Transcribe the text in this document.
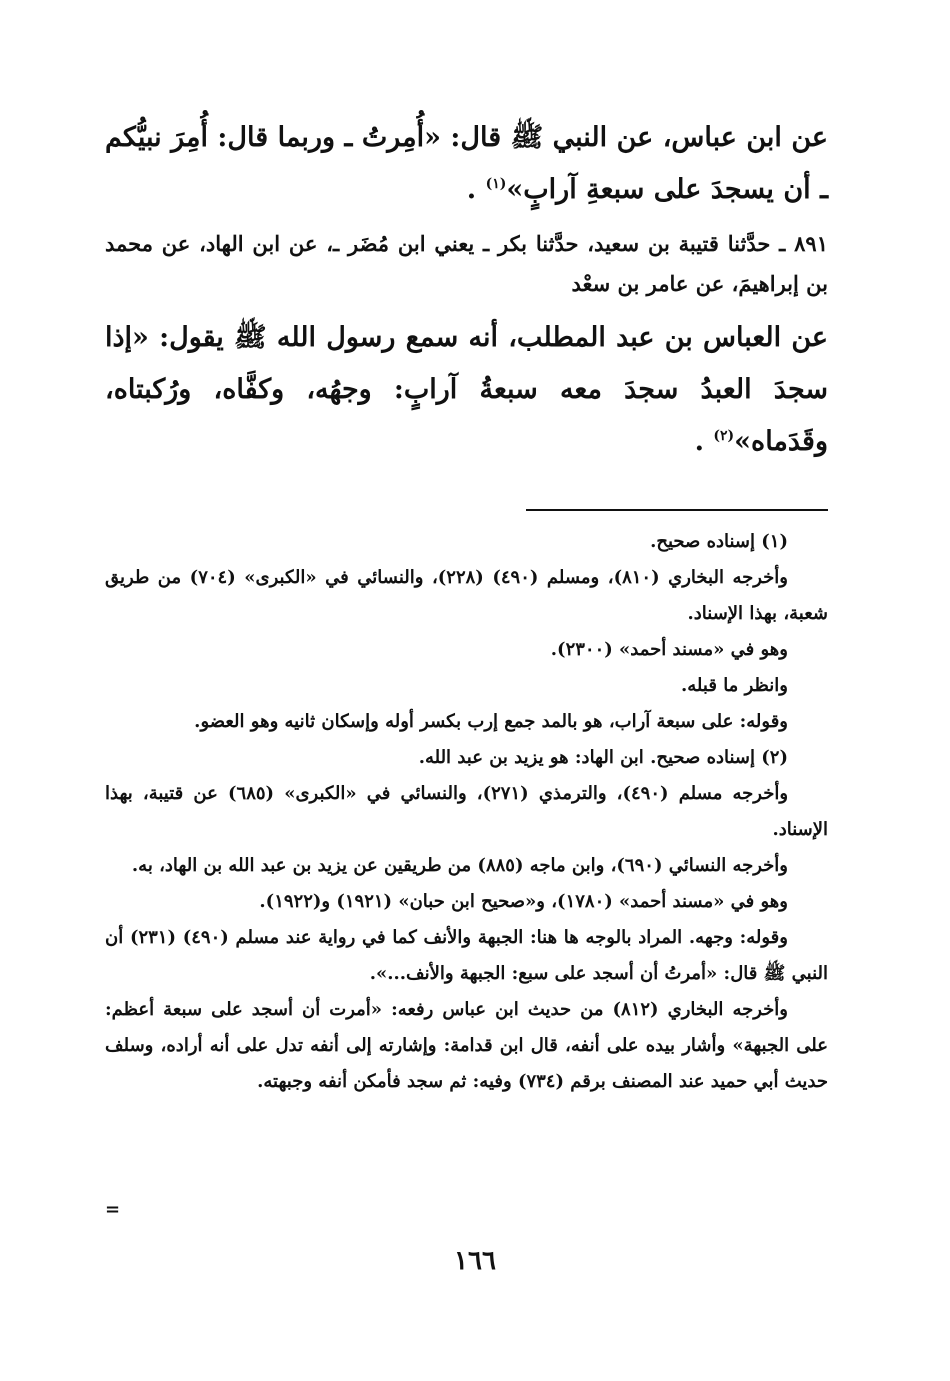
عن ابن عباس، عن النبي ﷺ قال: «أُمِرتُ ـ وربما قال: أُمِرَ نبيُّكم ـ أن يسجدَ على سبعةِ آرابٍ»$^{(١)}$ .

٨٩١ ـ حدَّثنا قتيبة بن سعيد، حدَّثنا بكر ـ يعني ابن مُضَر ـ، عن ابن الهاد، عن محمد بن إبراهيمَ، عن عامر بن سعْد

عن العباس بن عبد المطلب، أنه سمع رسول الله ﷺ يقول: «إذا سجدَ العبدُ سجدَ معه سبعةُ آرابٍ: وجهُه، وكفَّاه، ورُكبتاه، وقَدَماه»$^{(٢)}$ .

(١) إسناده صحيح.

وأخرجه البخاري (٨١٠)، ومسلم (٤٩٠) (٢٢٨)، والنسائي في «الكبرى» (٧٠٤) من طريق شعبة، بهذا الإسناد.

وهو في «مسند أحمد» (٢٣٠٠).

وانظر ما قبله.

وقوله: على سبعة آراب، هو بالمد جمع إرب بكسر أوله وإسكان ثانيه وهو العضو.

(٢) إسناده صحيح. ابن الهاد: هو يزيد بن عبد الله.

وأخرجه مسلم (٤٩٠)، والترمذي (٢٧١)، والنسائي في «الكبرى» (٦٨٥) عن قتيبة، بهذا الإسناد.

وأخرجه النسائي (٦٩٠)، وابن ماجه (٨٨٥) من طريقين عن يزيد بن عبد الله بن الهاد، به.

وهو في «مسند أحمد» (١٧٨٠)، و«صحيح ابن حبان» (١٩٢١) و(١٩٢٢).

وقوله: وجهه. المراد بالوجه ها هنا: الجبهة والأنف كما في رواية عند مسلم (٤٩٠) (٢٣١) أن النبي ﷺ قال: «أمرتُ أن أسجد على سبع: الجبهة والأنف...».

وأخرجه البخاري (٨١٢) من حديث ابن عباس رفعه: «أمرت أن أسجد على سبعة أعظم: على الجبهة» وأشار بيده على أنفه، قال ابن قدامة: وإشارته إلى أنفه تدل على أنه أراده، وسلف حديث أبي حميد عند المصنف برقم (٧٣٤) وفيه: ثم سجد فأمكن أنفه وجبهته.

=
١٦٦
